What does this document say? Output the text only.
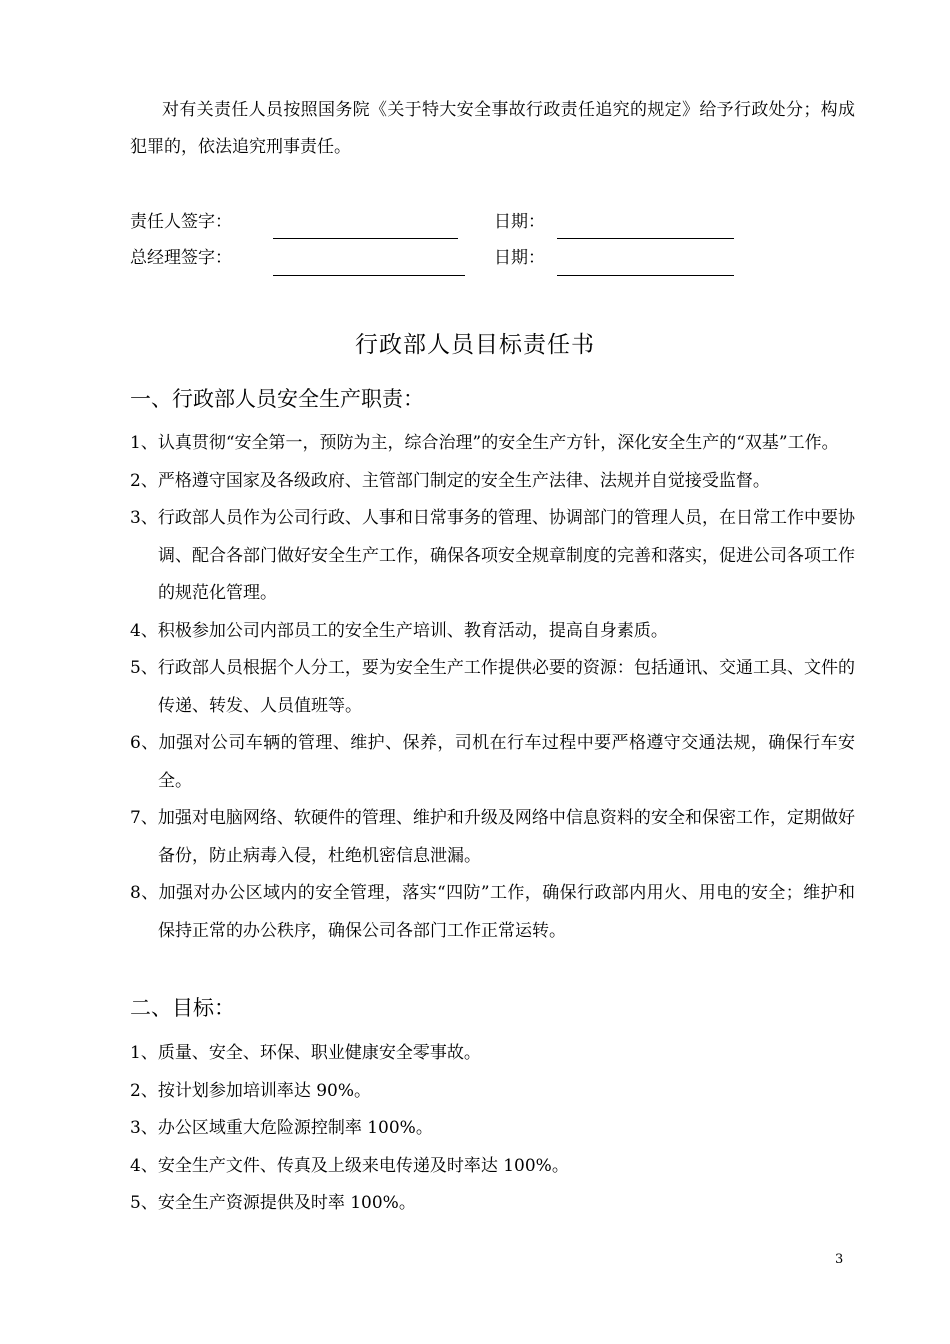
对有关责任人员按照国务院《关于特大安全事故行政责任追究的规定》给予行政处分；构成犯罪的，依法追究刑事责任。

责任人签字：	日期：
总经理签字：	日期：
行政部人员目标责任书
一、行政部人员安全生产职责：
1、认真贯彻“安全第一，预防为主，综合治理”的安全生产方针，深化安全生产的“双基”工作。
2、严格遵守国家及各级政府、主管部门制定的安全生产法律、法规并自觉接受监督。
3、行政部人员作为公司行政、人事和日常事务的管理、协调部门的管理人员，在日常工作中要协调、配合各部门做好安全生产工作，确保各项安全规章制度的完善和落实，促进公司各项工作的规范化管理。
4、积极参加公司内部员工的安全生产培训、教育活动，提高自身素质。
5、行政部人员根据个人分工，要为安全生产工作提供必要的资源：包括通讯、交通工具、文件的传递、转发、人员值班等。
6、加强对公司车辆的管理、维护、保养，司机在行车过程中要严格遵守交通法规，确保行车安全。
7、加强对电脑网络、软硬件的管理、维护和升级及网络中信息资料的安全和保密工作，定期做好备份，防止病毒入侵，杜绝机密信息泄漏。
8、加强对办公区域内的安全管理，落实“四防”工作，确保行政部内用火、用电的安全；维护和保持正常的办公秩序，确保公司各部门工作正常运转。
二、目标：
1、质量、安全、环保、职业健康安全零事故。
2、按计划参加培训率达 90%。
3、办公区域重大危险源控制率 100%。
4、安全生产文件、传真及上级来电传递及时率达 100%。
5、安全生产资源提供及时率 100%。
3
